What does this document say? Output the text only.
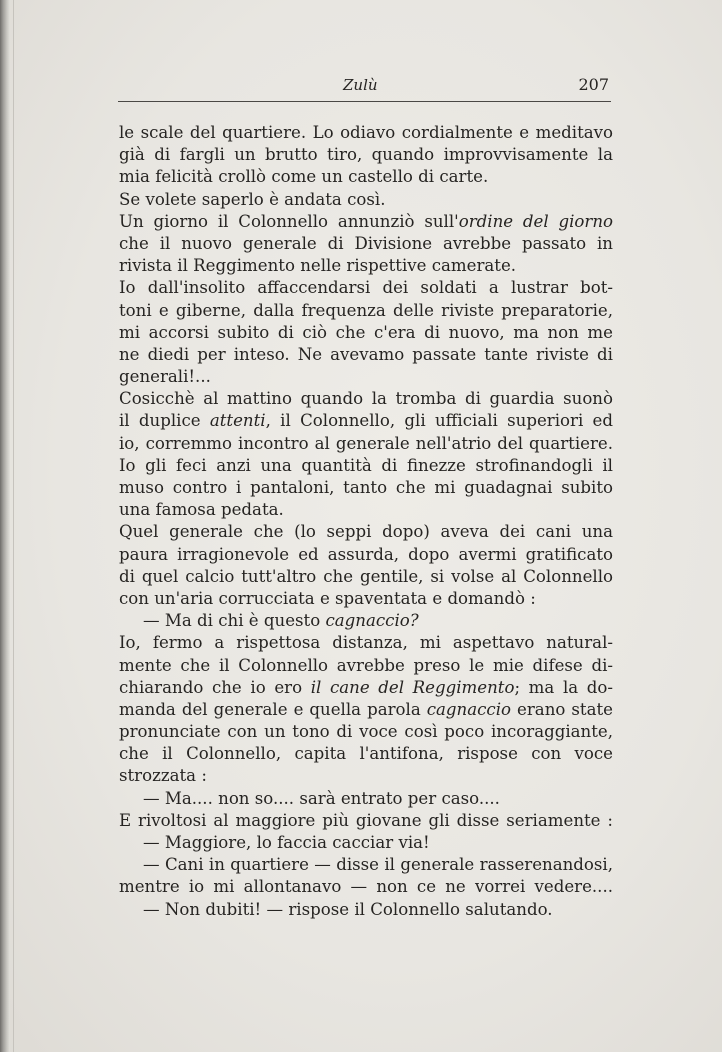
Zulù	207
le scale del quartiere. Lo odiavo cordialmente e meditavo
già di fargli un brutto tiro, quando improvvisamente la
mia felicità crollò come un castello di carte.
Se volete saperlo è andata così.
Un giorno il Colonnello annunziò sull'ordine del giorno
che il nuovo generale di Divisione avrebbe passato in
rivista il Reggimento nelle rispettive camerate.
Io dall'insolito affaccendarsi dei soldati a lustrar bot-
toni e giberne, dalla frequenza delle riviste preparatorie,
mi accorsi subito di ciò che c'era di nuovo, ma non me
ne diedi per inteso. Ne avevamo passate tante riviste di
generali!...
Cosicchè al mattino quando la tromba di guardia suonò
il duplice attenti, il Colonnello, gli ufficiali superiori ed
io, corremmo incontro al generale nell'atrio del quartiere.
Io gli feci anzi una quantità di finezze strofinandogli il
muso contro i pantaloni, tanto che mi guadagnai subito
una famosa pedata.
Quel generale che (lo seppi dopo) aveva dei cani una
paura irragionevole ed assurda, dopo avermi gratificato
di quel calcio tutt'altro che gentile, si volse al Colonnello
con un'aria corrucciata e spaventata e domandò :
— Ma di chi è questo cagnaccio?
Io, fermo a rispettosa distanza, mi aspettavo natural-
mente che il Colonnello avrebbe preso le mie difese di-
chiarando che io ero il cane del Reggimento; ma la do-
manda del generale e quella parola cagnaccio erano state
pronunciate con un tono di voce così poco incoraggiante,
che il Colonnello, capita l'antifona, rispose con voce
strozzata :
— Ma.... non so.... sarà entrato per caso....
E rivoltosi al maggiore più giovane gli disse seriamente :
— Maggiore, lo faccia cacciar via!
— Cani in quartiere — disse il generale rasserenandosi,
mentre io mi allontanavo — non ce ne vorrei vedere....
— Non dubiti! — rispose il Colonnello salutando.
